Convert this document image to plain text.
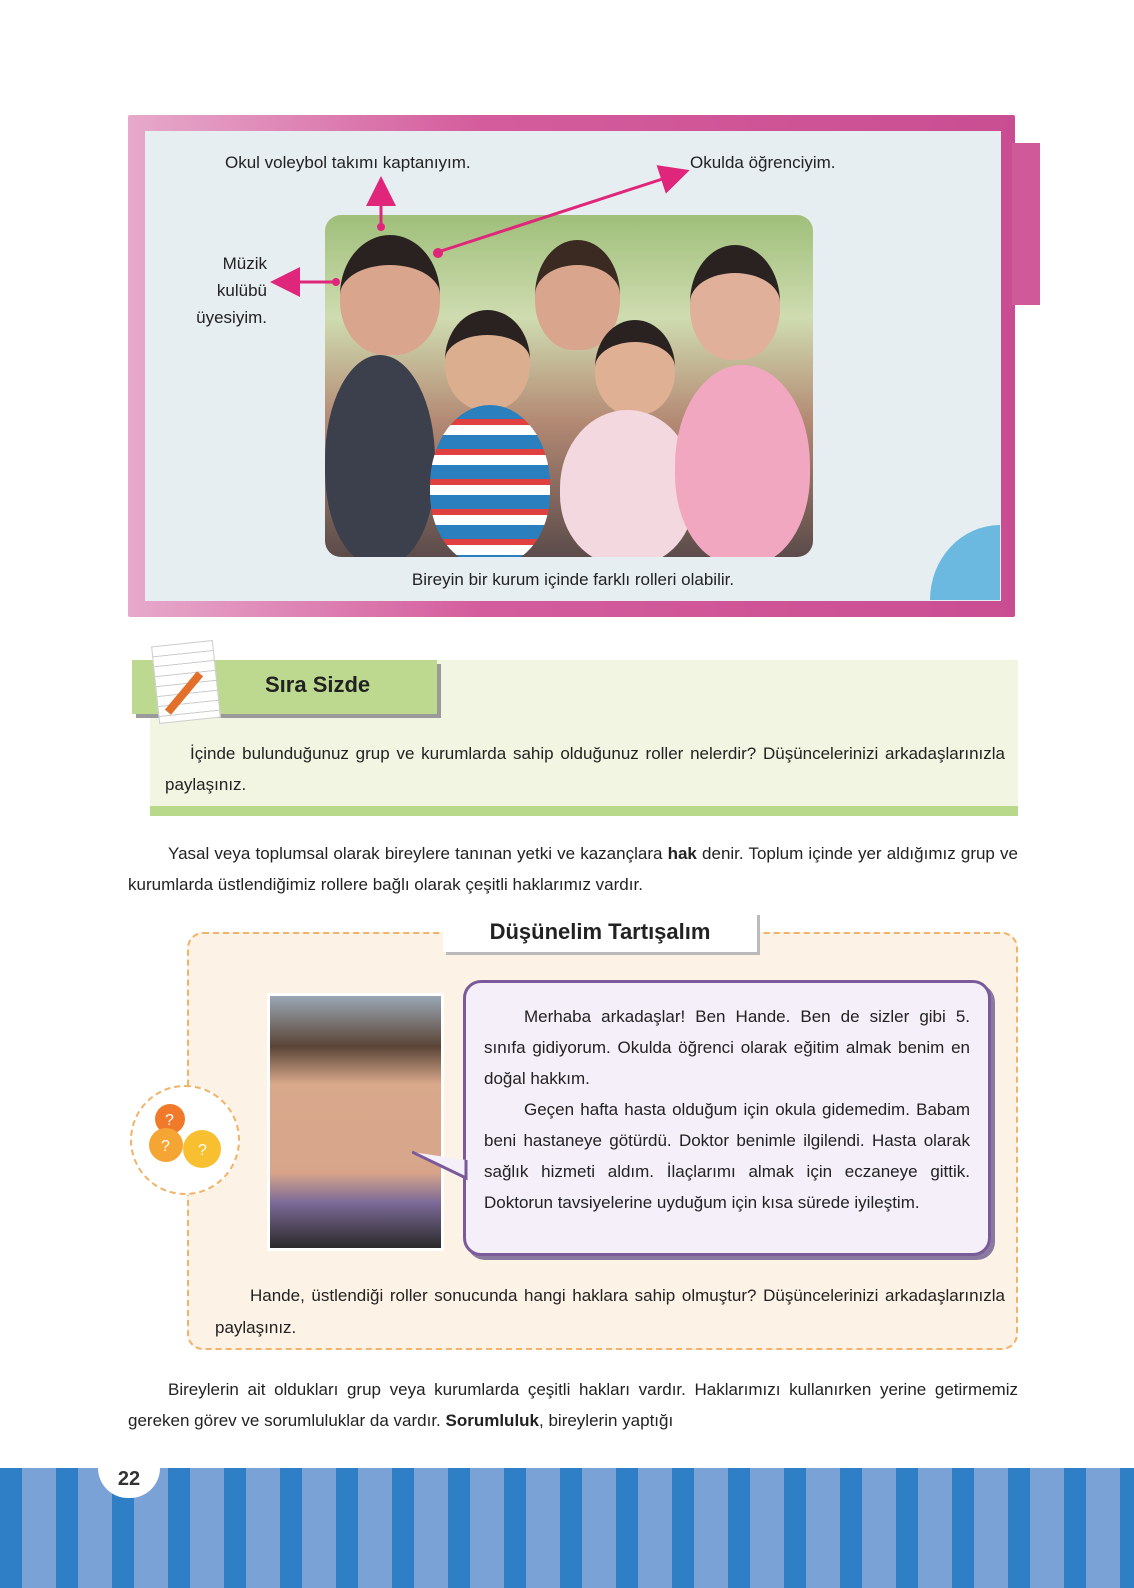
Okul voleybol takımı kaptanıyım.	Okulda öğrenciyim.
Müzik
kulübü
üyesiyim.
Bireyin bir kurum içinde farklı rolleri olabilir.
Sıra Sizde
İçinde bulunduğunuz grup ve kurumlarda sahip olduğunuz roller nelerdir? Düşüncelerinizi arkadaşlarınızla paylaşınız.
Yasal veya toplumsal olarak bireylere tanınan yetki ve kazançlara hak denir. Toplum içinde yer aldığımız grup ve kurumlarda üstlendiğimiz rollere bağlı olarak çeşitli haklarımız vardır.
Düşünelim Tartışalım
?
? ?

Merhaba arkadaşlar! Ben Hande. Ben de sizler gibi 5. sınıfa gidiyorum. Okulda öğrenci olarak eğitim almak benim en doğal hakkım.

Geçen hafta hasta olduğum için okula gidemedim. Babam beni hastaneye götürdü. Doktor benimle ilgilendi. Hasta olarak sağlık hizmeti aldım. İlaçlarımı almak için eczaneye gittik. Doktorun tavsiyelerine uyduğum için kısa sürede iyileştim.

Hande, üstlendiği roller sonucunda hangi haklara sahip olmuştur? Düşüncelerinizi arkadaşlarınızla paylaşınız.
Bireylerin ait oldukları grup veya kurumlarda çeşitli hakları vardır. Haklarımızı kullanırken yerine getirmemiz gereken görev ve sorumluluklar da vardır. Sorumluluk, bireylerin yaptığı
22
